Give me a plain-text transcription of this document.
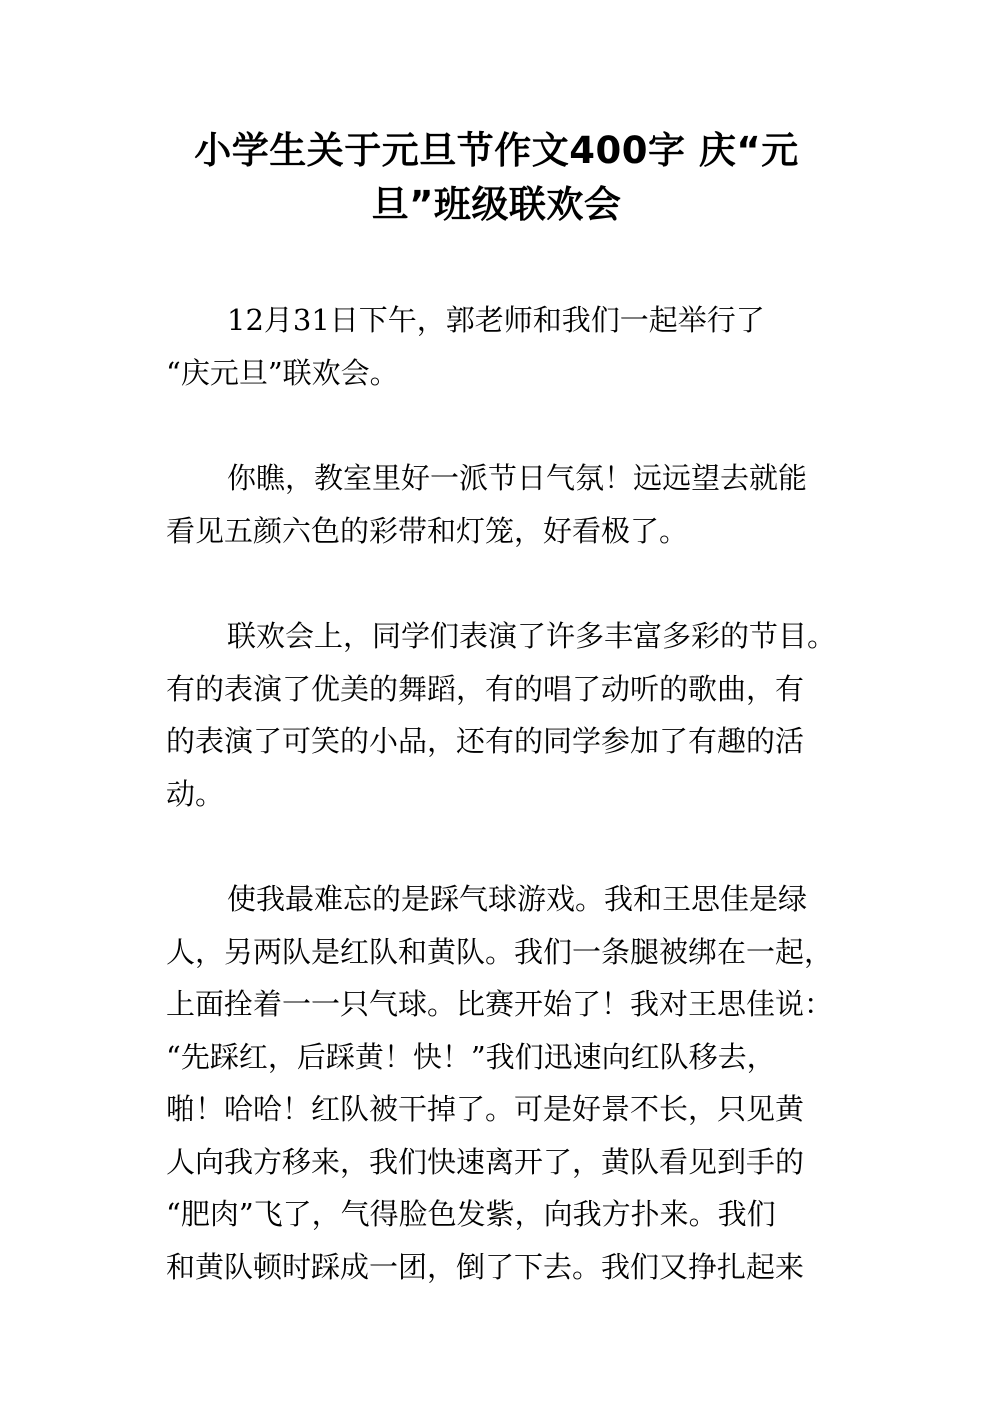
小学生关于元旦节作文400字 庆“元
旦”班级联欢会

12月31日下午，郭老师和我们一起举行了
“庆元旦”联欢会。

你瞧，教室里好一派节日气氛！远远望去就能
看见五颜六色的彩带和灯笼，好看极了。

联欢会上，同学们表演了许多丰富多彩的节目。
有的表演了优美的舞蹈，有的唱了动听的歌曲，有
的表演了可笑的小品，还有的同学参加了有趣的活
动。

使我最难忘的是踩气球游戏。我和王思佳是绿
人，另两队是红队和黄队。我们一条腿被绑在一起，
上面拴着一一只气球。比赛开始了！我对王思佳说：
“先踩红，后踩黄！快！”我们迅速向红队移去，
啪！哈哈！红队被干掉了。可是好景不长，只见黄
人向我方移来，我们快速离开了，黄队看见到手的
“肥肉”飞了，气得脸色发紫，向我方扑来。我们
和黄队顿时踩成一团，倒了下去。我们又挣扎起来
